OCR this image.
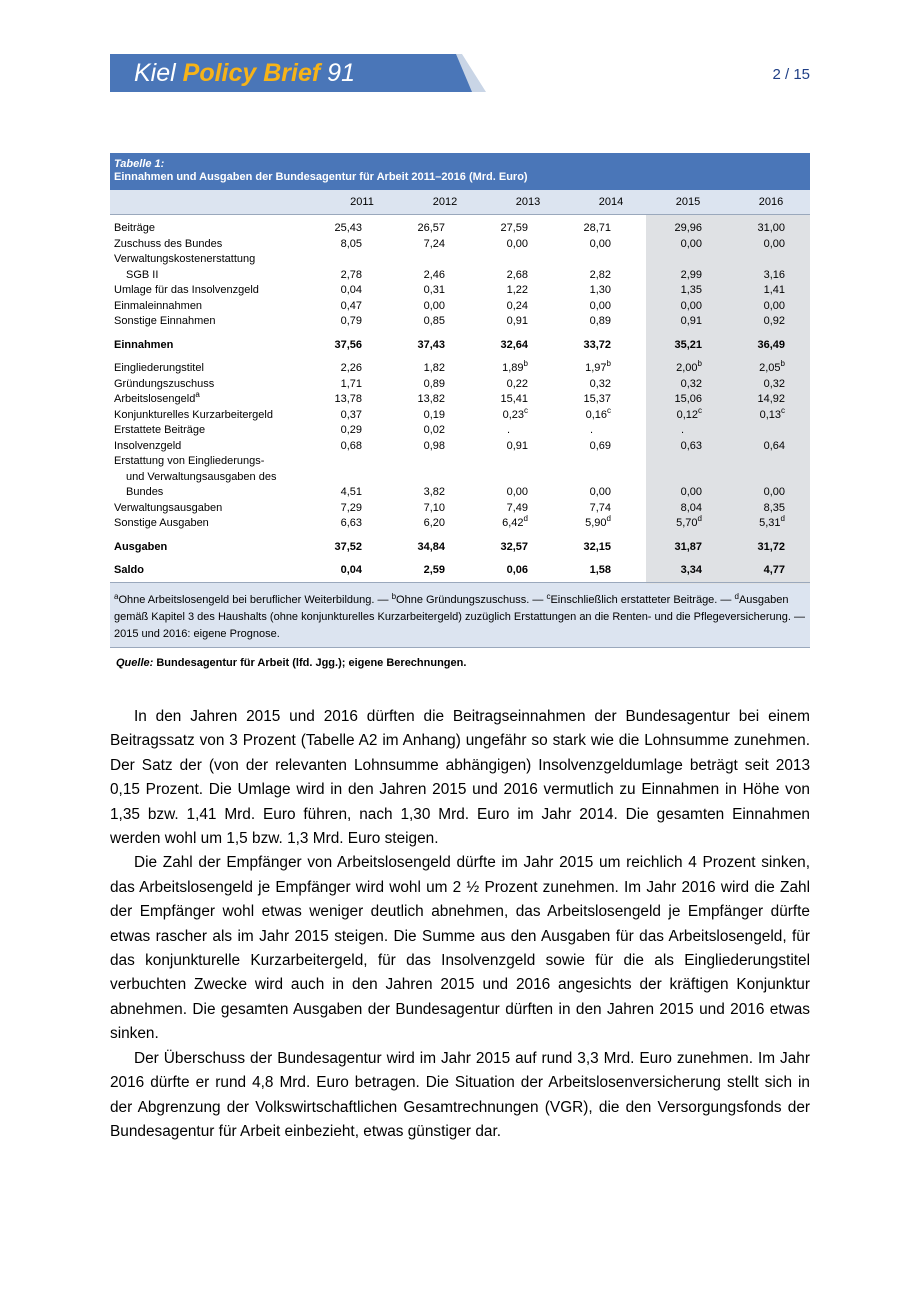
Kiel Policy Brief 91	2 / 15
Tabelle 1:
Einnahmen und Ausgaben der Bundesagentur für Arbeit 2011–2016 (Mrd. Euro)
2011	2012	2013	2014	2015	2016
Beiträge	25,43	26,57	27,59	28,71	29,96	31,00
Zuschuss des Bundes	8,05	7,24	0,00	0,00	0,00	0,00
Verwaltungskostenerstattung
SGB II	2,78	2,46	2,68	2,82	2,99	3,16
Umlage für das Insolvenzgeld	0,04	0,31	1,22	1,30	1,35	1,41
Einmaleinnahmen	0,47	0,00	0,24	0,00	0,00	0,00
Sonstige Einnahmen	0,79	0,85	0,91	0,89	0,91	0,92
Einnahmen	37,56	37,43	32,64	33,72	35,21	36,49
Eingliederungstitel	2,26	1,82	1,89$^b$	1,97$^b$	2,00$^b$	2,05$^b$
Gründungszuschuss	1,71	0,89	0,22	0,32	0,32	0,32
Arbeitslosengeld$^a$	13,78	13,82	15,41	15,37	15,06	14,92
Konjunkturelles Kurzarbeitergeld	0,37	0,19	0,23$^c$	0,16$^c$	0,12$^c$	0,13$^c$
Erstattete Beiträge	0,29	0,02	.	.	.
Insolvenzgeld	0,68	0,98	0,91	0,69	0,63	0,64
Erstattung von Eingliederungs-
und Verwaltungsausgaben des
Bundes	4,51	3,82	0,00	0,00	0,00	0,00
Verwaltungsausgaben	7,29	7,10	7,49	7,74	8,04	8,35
Sonstige Ausgaben	6,63	6,20	6,42$^d$	5,90$^d$	5,70$^d$	5,31$^d$
Ausgaben	37,52	34,84	32,57	32,15	31,87	31,72
Saldo	0,04	2,59	0,06	1,58	3,34	4,77
$^a$Ohne Arbeitslosengeld bei beruflicher Weiterbildung. — $^b$Ohne Gründungszuschuss. — $^c$Einschließlich erstatteter Beiträge. — $^d$Ausgaben gemäß Kapitel 3 des Haushalts (ohne konjunkturelles Kurzarbeitergeld) zuzüglich Erstattungen an die Renten- und die Pflegeversicherung. — 2015 und 2016: eigene Prognose.
Quelle: Bundesagentur für Arbeit (lfd. Jgg.); eigene Berechnungen.

In den Jahren 2015 und 2016 dürften die Beitragseinnahmen der Bundesagentur bei einem Beitragssatz von 3 Prozent (Tabelle A2 im Anhang) ungefähr so stark wie die Lohnsumme zunehmen. Der Satz der (von der relevanten Lohnsumme abhängigen) Insolvenzgeldumlage beträgt seit 2013 0,15 Prozent. Die Umlage wird in den Jahren 2015 und 2016 vermutlich zu Einnahmen in Höhe von 1,35 bzw. 1,41 Mrd. Euro führen, nach 1,30 Mrd. Euro im Jahr 2014. Die gesamten Einnahmen werden wohl um 1,5 bzw. 1,3 Mrd. Euro steigen.

Die Zahl der Empfänger von Arbeitslosengeld dürfte im Jahr 2015 um reichlich 4 Prozent sinken, das Arbeitslosengeld je Empfänger wird wohl um 2 ½ Prozent zunehmen. Im Jahr 2016 wird die Zahl der Empfänger wohl etwas weniger deutlich abnehmen, das Arbeitslosengeld je Empfänger dürfte etwas rascher als im Jahr 2015 steigen. Die Summe aus den Ausgaben für das Arbeitslosengeld, für das konjunkturelle Kurzarbeitergeld, für das Insolvenzgeld sowie für die als Eingliederungstitel verbuchten Zwecke wird auch in den Jahren 2015 und 2016 angesichts der kräftigen Konjunktur abnehmen. Die gesamten Ausgaben der Bundesagentur dürften in den Jahren 2015 und 2016 etwas sinken.

Der Überschuss der Bundesagentur wird im Jahr 2015 auf rund 3,3 Mrd. Euro zunehmen. Im Jahr 2016 dürfte er rund 4,8 Mrd. Euro betragen. Die Situation der Arbeitslosenversicherung stellt sich in der Abgrenzung der Volkswirtschaftlichen Gesamtrechnungen (VGR), die den Versorgungsfonds der Bundesagentur für Arbeit einbezieht, etwas günstiger dar.
